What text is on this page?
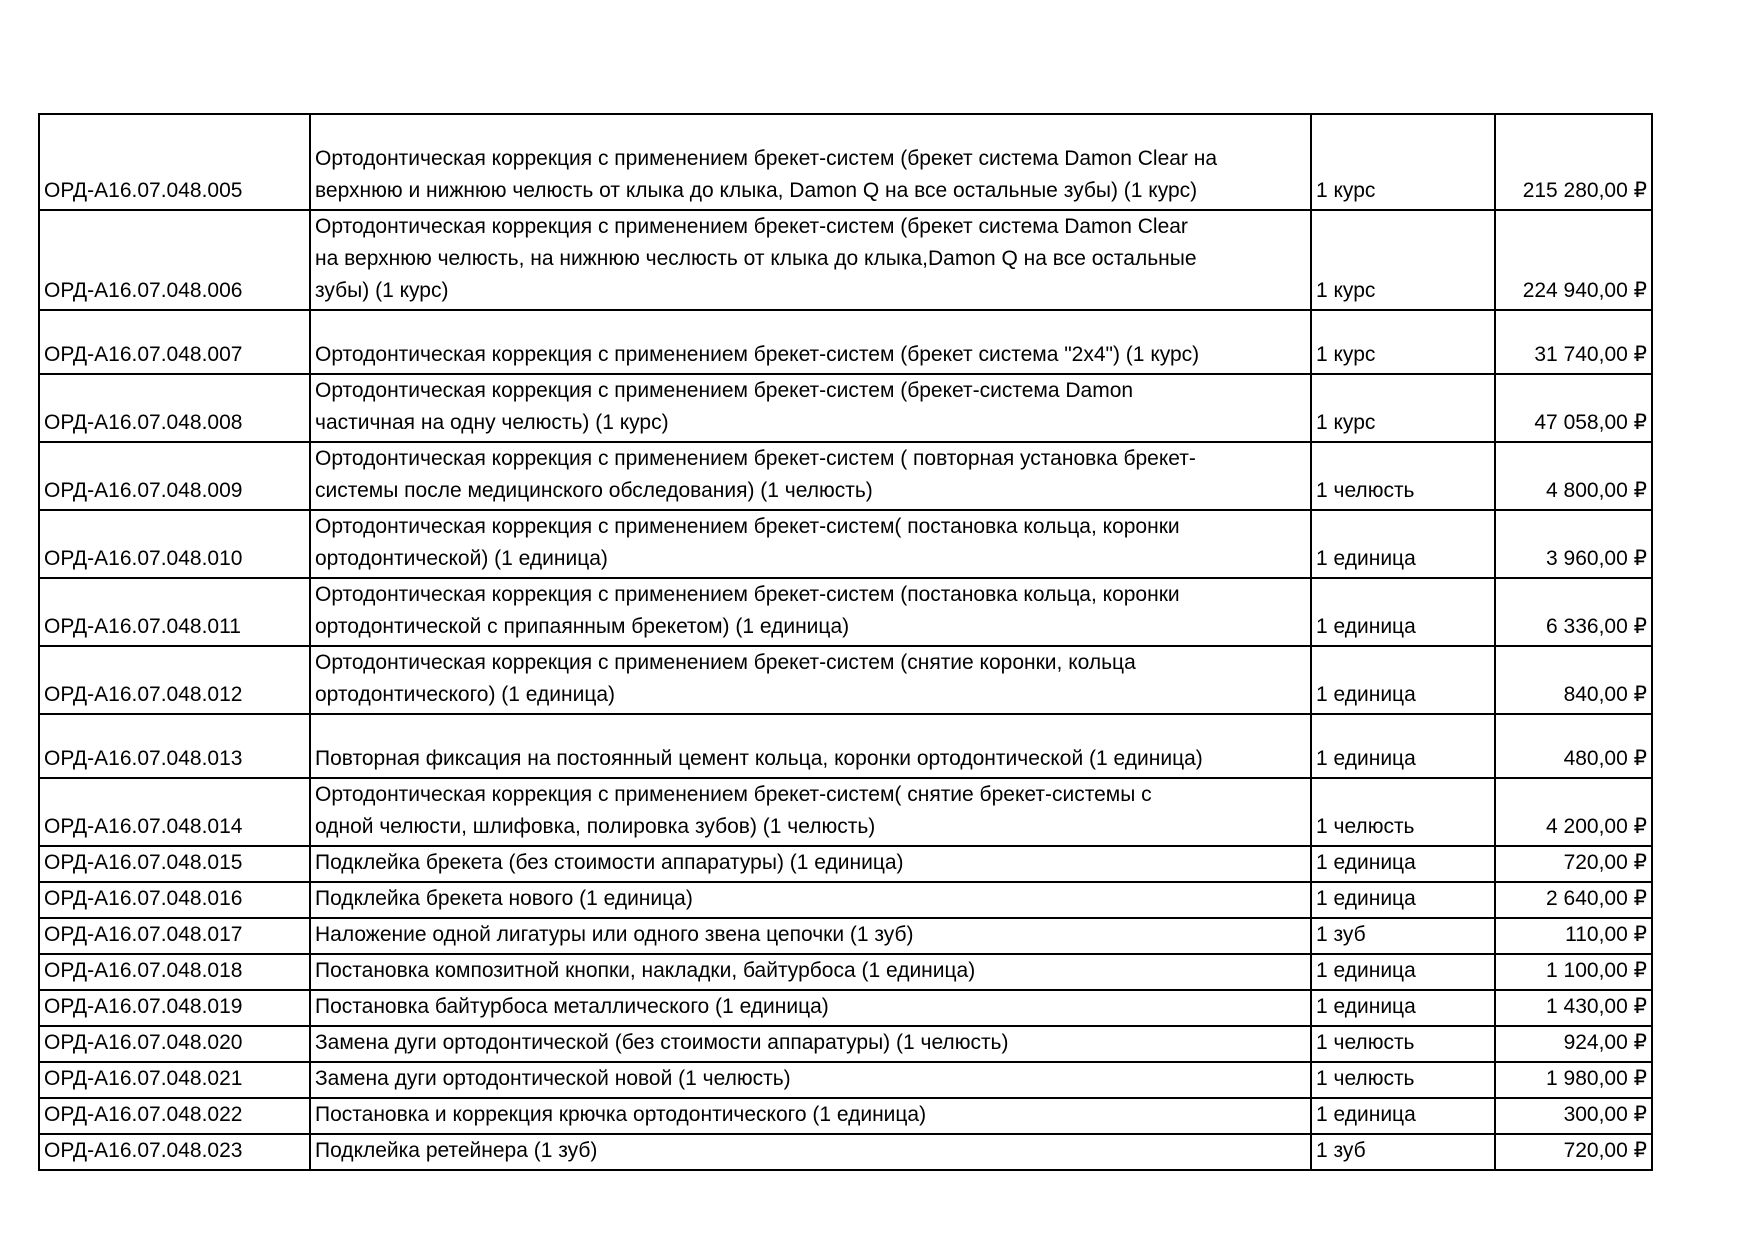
ОРД-А16.07.048.005	Ортодонтическая коррекция с применением брекет-систем (брекет система Damon Clear на
верхнюю и нижнюю челюсть от клыка до клыка, Damon Q на все остальные зубы) (1 курс)	1 курс	215 280,00 ₽
ОРД-А16.07.048.006	Ортодонтическая коррекция с применением брекет-систем (брекет система Damon Clear
на верхнюю челюсть, на нижнюю чеслюсть от клыка до клыка,Damon Q на все остальные
зубы) (1 курс)	1 курс	224 940,00 ₽
ОРД-А16.07.048.007	Ортодонтическая коррекция с применением брекет-систем (брекет система "2х4") (1 курс)	1 курс	31 740,00 ₽
ОРД-А16.07.048.008	Ортодонтическая коррекция с применением брекет-систем (брекет-система Damon
частичная на одну челюсть) (1 курс)	1 курс	47 058,00 ₽
ОРД-А16.07.048.009	Ортодонтическая коррекция с применением брекет-систем ( повторная установка брекет-
системы после медицинского обследования) (1 челюсть)	1 челюсть	4 800,00 ₽
ОРД-А16.07.048.010	Ортодонтическая коррекция с применением брекет-систем( постановка кольца, коронки
ортодонтической) (1 единица)	1 единица	3 960,00 ₽
ОРД-А16.07.048.011	Ортодонтическая коррекция с применением брекет-систем (постановка кольца, коронки
ортодонтической с припаянным брекетом) (1 единица)	1 единица	6 336,00 ₽
ОРД-А16.07.048.012	Ортодонтическая коррекция с применением брекет-систем (снятие коронки, кольца
ортодонтического) (1 единица)	1 единица	840,00 ₽
ОРД-А16.07.048.013	Повторная фиксация на постоянный цемент кольца, коронки ортодонтической (1 единица)	1 единица	480,00 ₽
ОРД-А16.07.048.014	Ортодонтическая коррекция с применением брекет-систем( снятие брекет-системы с
одной челюсти, шлифовка, полировка зубов) (1 челюсть)	1 челюсть	4 200,00 ₽
ОРД-А16.07.048.015	Подклейка брекета (без стоимости аппаратуры) (1 единица)	1 единица	720,00 ₽
ОРД-А16.07.048.016	Подклейка брекета нового (1 единица)	1 единица	2 640,00 ₽
ОРД-А16.07.048.017	Наложение одной лигатуры или одного звена цепочки (1 зуб)	1 зуб	110,00 ₽
ОРД-А16.07.048.018	Постановка композитной кнопки, накладки, байтурбоса (1 единица)	1 единица	1 100,00 ₽
ОРД-А16.07.048.019	Постановка байтурбоса металлического (1 единица)	1 единица	1 430,00 ₽
ОРД-А16.07.048.020	Замена дуги ортодонтической (без стоимости аппаратуры) (1 челюсть)	1 челюсть	924,00 ₽
ОРД-А16.07.048.021	Замена дуги ортодонтической новой (1 челюсть)	1 челюсть	1 980,00 ₽
ОРД-А16.07.048.022	Постановка и коррекция крючка ортодонтического (1 единица)	1 единица	300,00 ₽
ОРД-А16.07.048.023	Подклейка ретейнера (1 зуб)	1 зуб	720,00 ₽
